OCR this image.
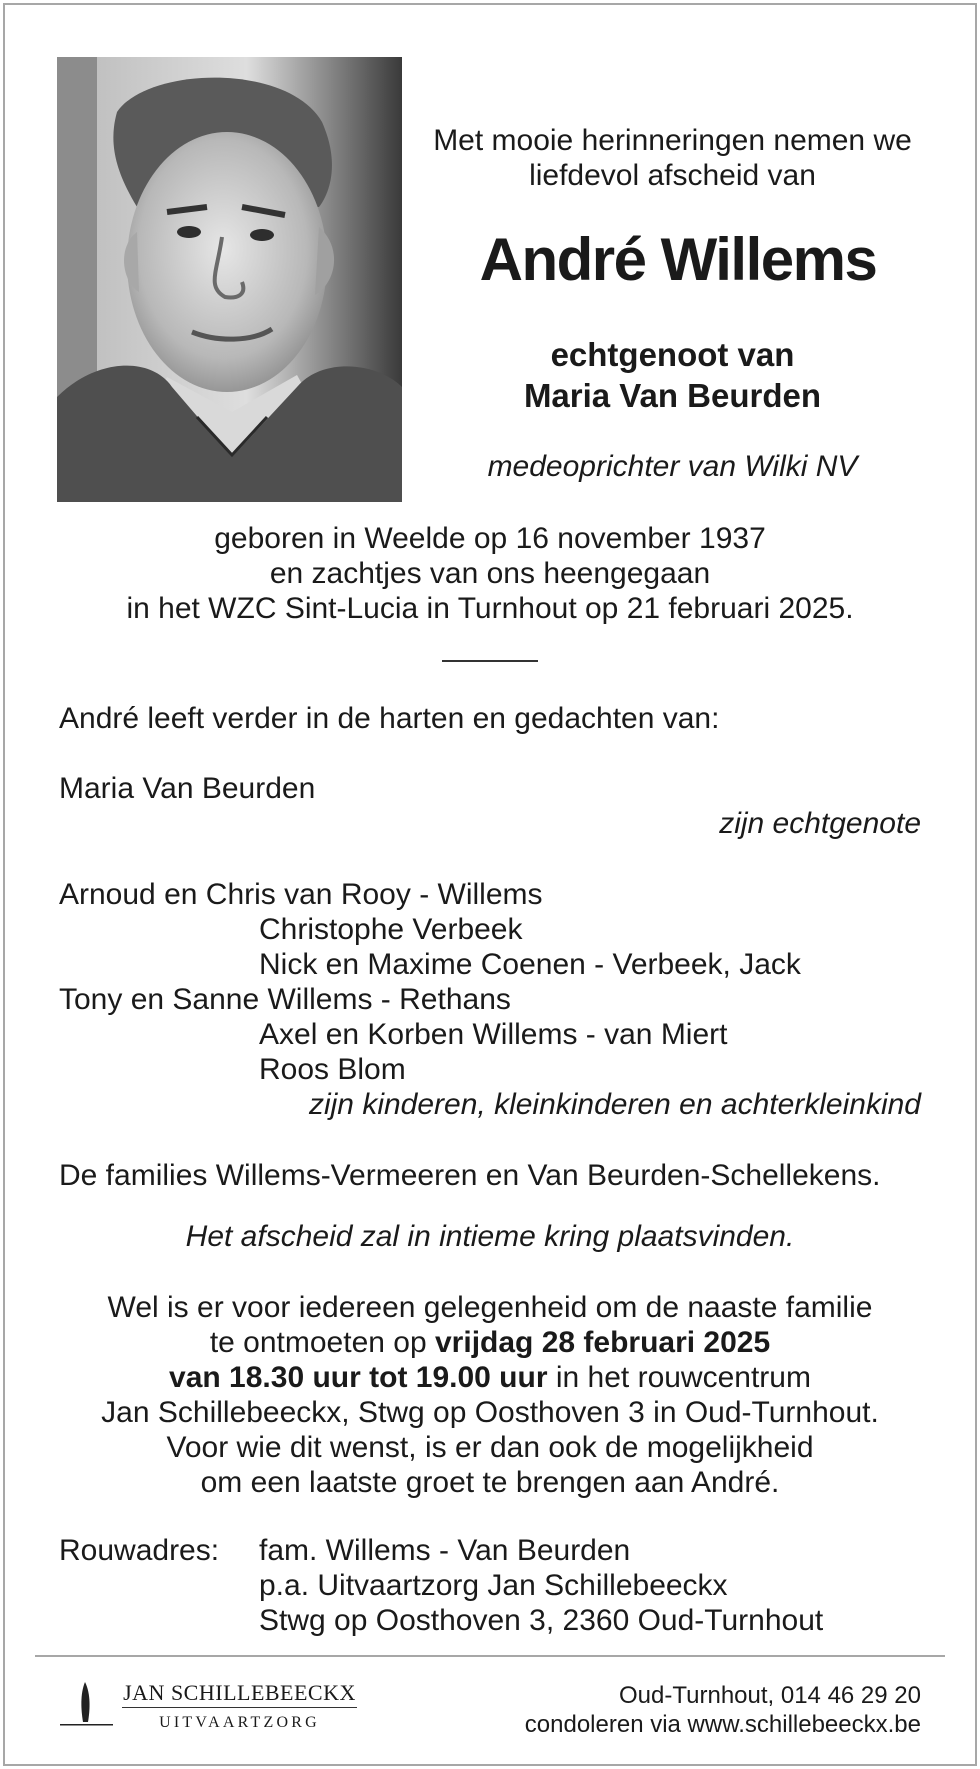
Met mooie herinneringen nemen we
liefdevol afscheid van
André Willems
echtgenoot van
Maria Van Beurden
medeoprichter van Wilki NV
geboren in Weelde op 16 november 1937
en zachtjes van ons heengegaan
in het WZC Sint-Lucia in Turnhout op 21 februari 2025.
André leeft verder in de harten en gedachten van:
Maria Van Beurden
zijn echtgenote
Arnoud en Chris van Rooy - Willems
Christophe Verbeek
Nick en Maxime Coenen - Verbeek, Jack
Tony en Sanne Willems - Rethans
Axel en Korben Willems - van Miert
Roos Blom
zijn kinderen, kleinkinderen en achterkleinkind
De families Willems-Vermeeren en Van Beurden-Schellekens.
Het afscheid zal in intieme kring plaatsvinden.
Wel is er voor iedereen gelegenheid om de naaste familie
te ontmoeten op vrijdag 28 februari 2025
van 18.30 uur tot 19.00 uur in het rouwcentrum
Jan Schillebeeckx, Stwg op Oosthoven 3 in Oud-Turnhout.
Voor wie dit wenst, is er dan ook de mogelijkheid
om een laatste groet te brengen aan André.
Rouwadres: fam. Willems - Van Beurden
p.a. Uitvaartzorg Jan Schillebeeckx
Stwg op Oosthoven 3, 2360 Oud-Turnhout
JAN SCHILLEBEECKX
UITVAARTZORG
Oud-Turnhout, 014 46 29 20
condoleren via www.schillebeeckx.be
